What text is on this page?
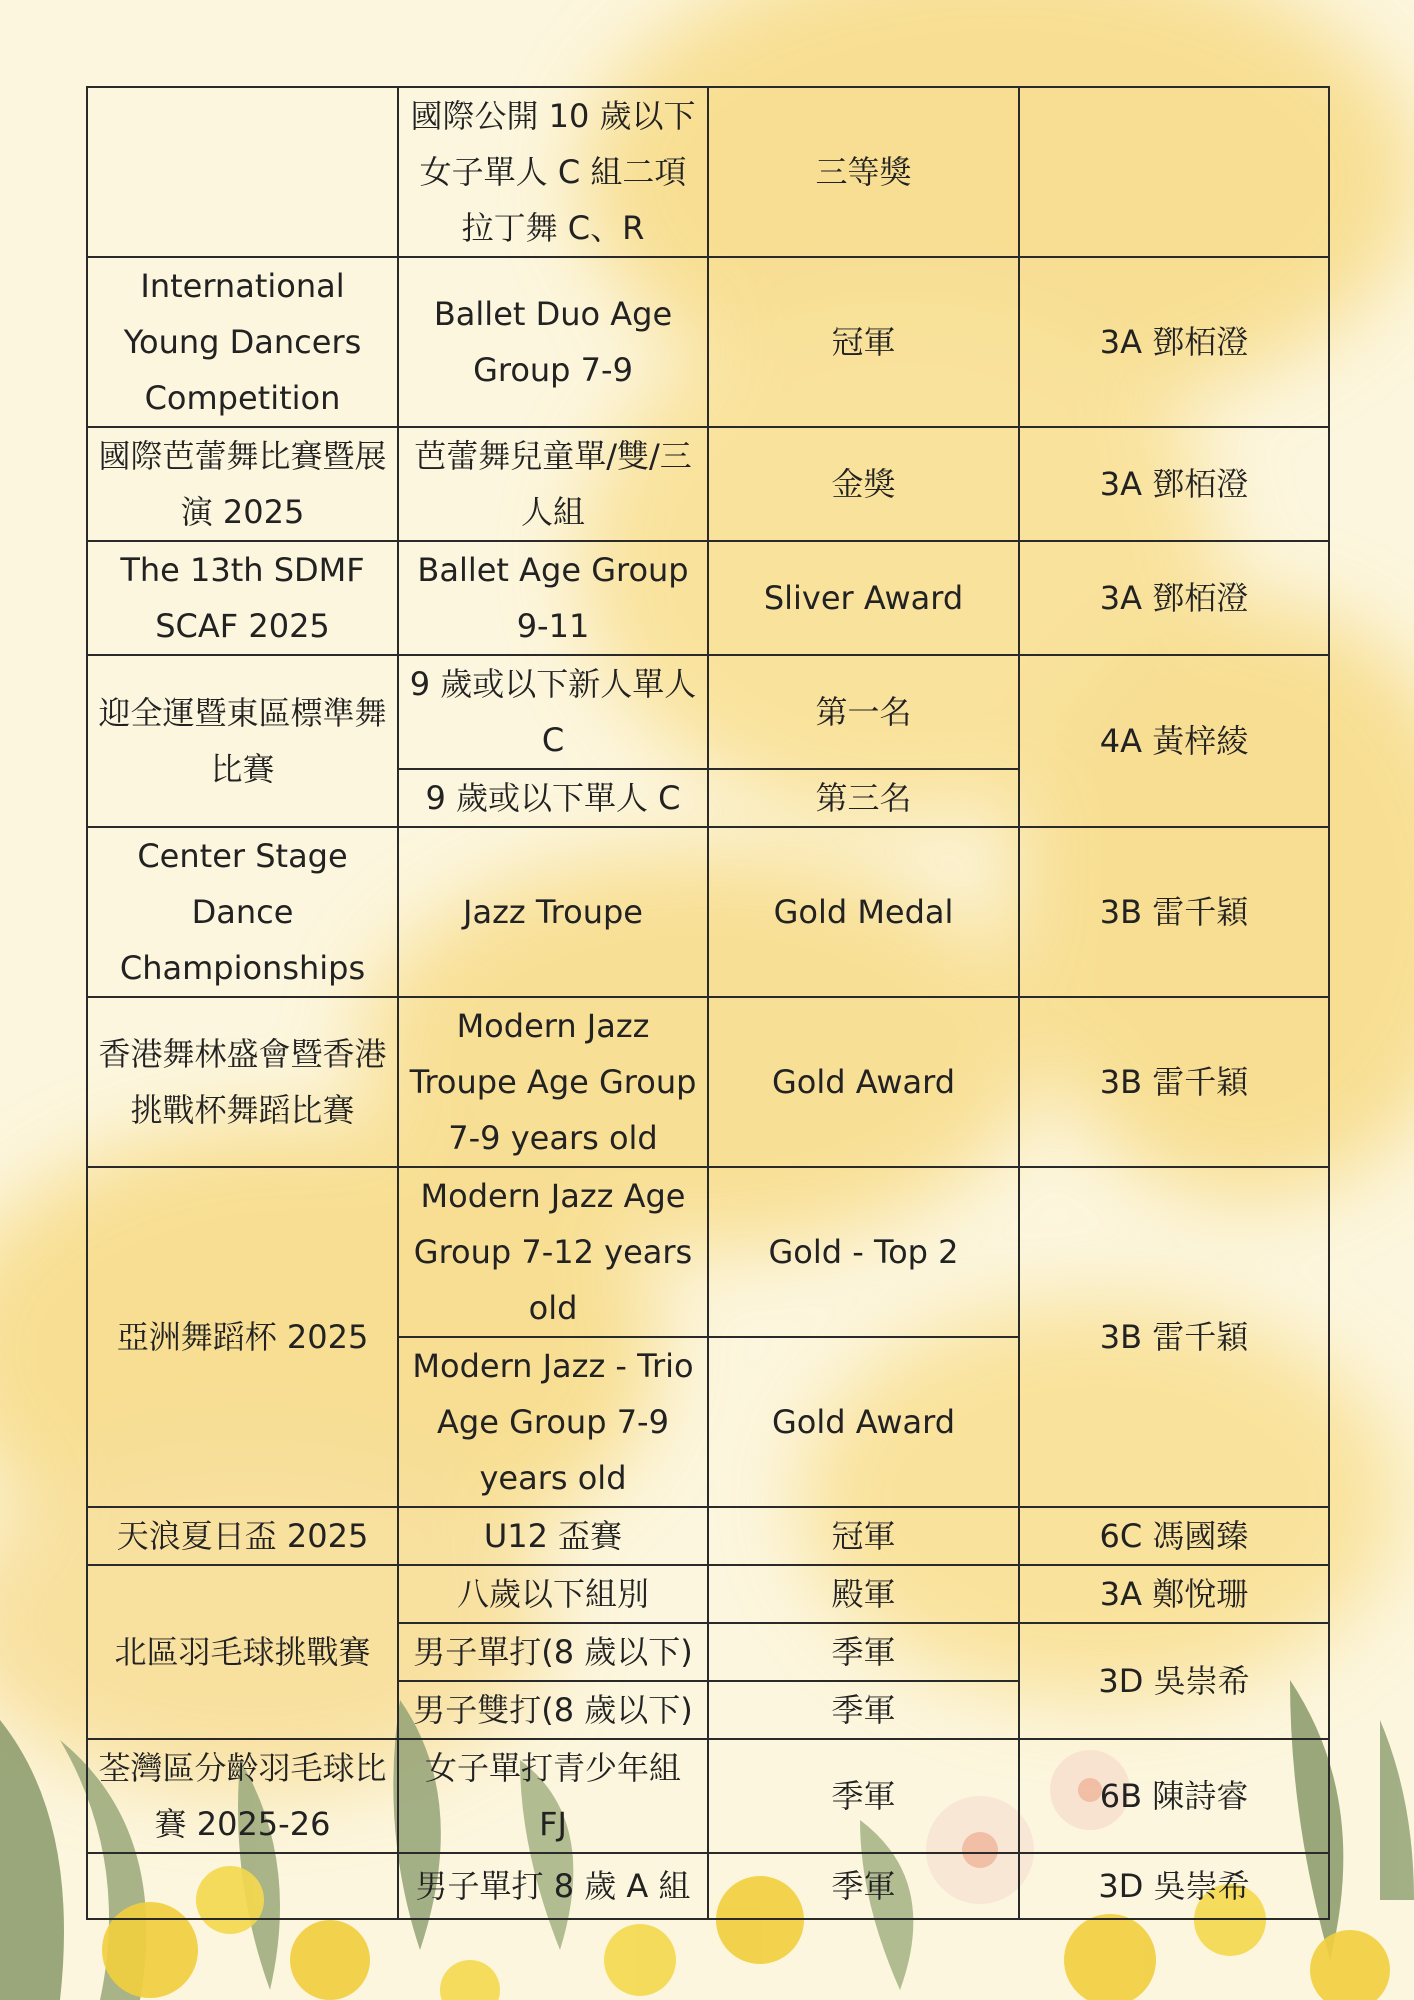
	國際公開 10 歲以下女子單人 C 組二項拉丁舞 C、R	三等獎	
International Young Dancers Competition	Ballet Duo Age Group 7-9	冠軍	3A 鄧栢澄
國際芭蕾舞比賽暨展演 2025	芭蕾舞兒童單/雙/三人組	金獎	3A 鄧栢澄
The 13th SDMF SCAF 2025	Ballet Age Group 9-11	Sliver Award	3A 鄧栢澄
迎全運暨東區標準舞比賽	9 歲或以下新人單人 C	第一名	4A 黃梓綾
	9 歲或以下單人 C	第三名	
Center Stage Dance Championships	Jazz Troupe	Gold Medal	3B 雷千穎
香港舞林盛會暨香港挑戰杯舞蹈比賽	Modern Jazz Troupe Age Group 7-9 years old	Gold Award	3B 雷千穎
亞洲舞蹈杯 2025	Modern Jazz Age Group 7-12 years old	Gold - Top 2	3B 雷千穎
	Modern Jazz - Trio Age Group 7-9 years old	Gold Award	
天浪夏日盃 2025	U12 盃賽	冠軍	6C 馮國臻
北區羽毛球挑戰賽	八歲以下組別	殿軍	3A 鄭悅珊
	男子單打(8 歲以下)	季軍	3D 吳崇希
	男子雙打(8 歲以下)	季軍	
荃灣區分齡羽毛球比賽 2025-26	女子單打青少年組 FJ	季軍	6B 陳詩睿
	男子單打 8 歲 A 組	季軍	3D 吳崇希
